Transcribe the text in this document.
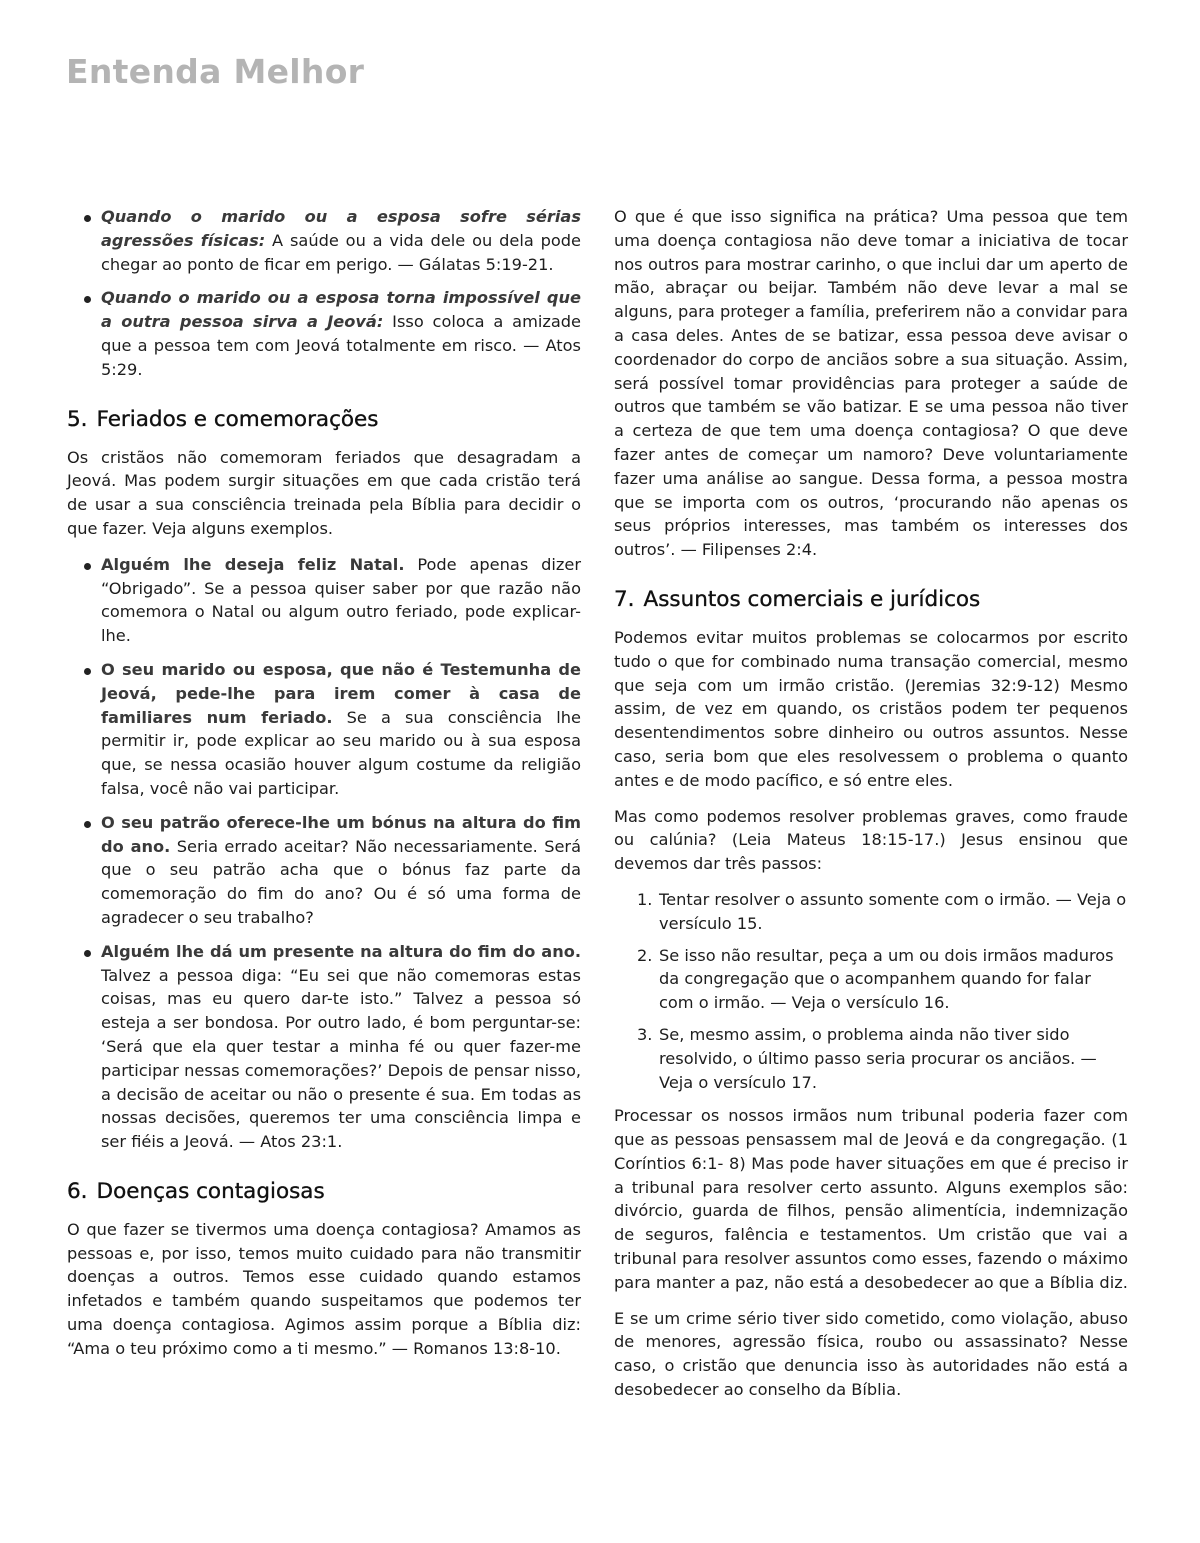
Entenda Melhor
Quando o marido ou a esposa sofre sérias agressões físicas: A saúde ou a vida dele ou dela pode chegar ao ponto de ficar em perigo. — Gálatas 5:19-21.
Quando o marido ou a esposa torna impossível que a outra pessoa sirva a Jeová: Isso coloca a amizade que a pessoa tem com Jeová totalmente em risco. — Atos 5:29.
5. Feriados e comemorações

Os cristãos não comemoram feriados que desagradam a Jeová. Mas podem surgir situações em que cada cristão terá de usar a sua consciência treinada pela Bíblia para decidir o que fazer. Veja alguns exemplos.

Alguém lhe deseja feliz Natal. Pode apenas dizer “Obrigado”. Se a pessoa quiser saber por que razão não comemora o Natal ou algum outro feriado, pode explicar-lhe.
O seu marido ou esposa, que não é Testemunha de Jeová, pede-lhe para irem comer à casa de familiares num feriado. Se a sua consciência lhe permitir ir, pode explicar ao seu marido ou à sua esposa que, se nessa ocasião houver algum costume da religião falsa, você não vai participar.
O seu patrão oferece-lhe um bónus na altura do fim do ano. Seria errado aceitar? Não necessariamente. Será que o seu patrão acha que o bónus faz parte da comemoração do fim do ano? Ou é só uma forma de agradecer o seu trabalho?
Alguém lhe dá um presente na altura do fim do ano. Talvez a pessoa diga: “Eu sei que não comemoras estas coisas, mas eu quero dar-te isto.” Talvez a pessoa só esteja a ser bondosa. Por outro lado, é bom perguntar-se: ‘Será que ela quer testar a minha fé ou quer fazer-me participar nessas comemorações?’ Depois de pensar nisso, a decisão de aceitar ou não o presente é sua. Em todas as nossas decisões, queremos ter uma consciência limpa e ser fiéis a Jeová. — Atos 23:1.
6. Doenças contagiosas

O que fazer se tivermos uma doença contagiosa? Amamos as pessoas e, por isso, temos muito cuidado para não transmitir doenças a outros. Temos esse cuidado quando estamos infetados e também quando suspeitamos que podemos ter uma doença contagiosa. Agimos assim porque a Bíblia diz: “Ama o teu próximo como a ti mesmo.” — Romanos 13:8-10.

O que é que isso significa na prática? Uma pessoa que tem uma doença contagiosa não deve tomar a iniciativa de tocar nos outros para mostrar carinho, o que inclui dar um aperto de mão, abraçar ou beijar. Também não deve levar a mal se alguns, para proteger a família, preferirem não a convidar para a casa deles. Antes de se batizar, essa pessoa deve avisar o coordenador do corpo de anciãos sobre a sua situação. Assim, será possível tomar providências para proteger a saúde de outros que também se vão batizar. E se uma pessoa não tiver a certeza de que tem uma doença contagiosa? O que deve fazer antes de começar um namoro? Deve voluntariamente fazer uma análise ao sangue. Dessa forma, a pessoa mostra que se importa com os outros, ‘procurando não apenas os seus próprios interesses, mas também os interesses dos outros’. — Filipenses 2:4.

7. Assuntos comerciais e jurídicos

Podemos evitar muitos problemas se colocarmos por escrito tudo o que for combinado numa transação comercial, mesmo que seja com um irmão cristão. (Jeremias 32:9-12) Mesmo assim, de vez em quando, os cristãos podem ter pequenos desentendimentos sobre dinheiro ou outros assuntos. Nesse caso, seria bom que eles resolvessem o problema o quanto antes e de modo pacífico, e só entre eles.

Mas como podemos resolver problemas graves, como fraude ou calúnia? (Leia Mateus 18:15-17.) Jesus ensinou que devemos dar três passos:

1. Tentar resolver o assunto somente com o irmão. — Veja o versículo 15.
2. Se isso não resultar, peça a um ou dois irmãos maduros da congregação que o acompanhem quando for falar com o irmão. — Veja o versículo 16.
3. Se, mesmo assim, o problema ainda não tiver sido resolvido, o último passo seria procurar os anciãos. — Veja o versículo 17.

Processar os nossos irmãos num tribunal poderia fazer com que as pessoas pensassem mal de Jeová e da congregação. (1 Coríntios 6:1- 8) Mas pode haver situações em que é preciso ir a tribunal para resolver certo assunto. Alguns exemplos são: divórcio, guarda de filhos, pensão alimentícia, indemnização de seguros, falência e testamentos. Um cristão que vai a tribunal para resolver assuntos como esses, fazendo o máximo para manter a paz, não está a desobedecer ao que a Bíblia diz.

E se um crime sério tiver sido cometido, como violação, abuso de menores, agressão física, roubo ou assassinato? Nesse caso, o cristão que denuncia isso às autoridades não está a desobedecer ao conselho da Bíblia.
